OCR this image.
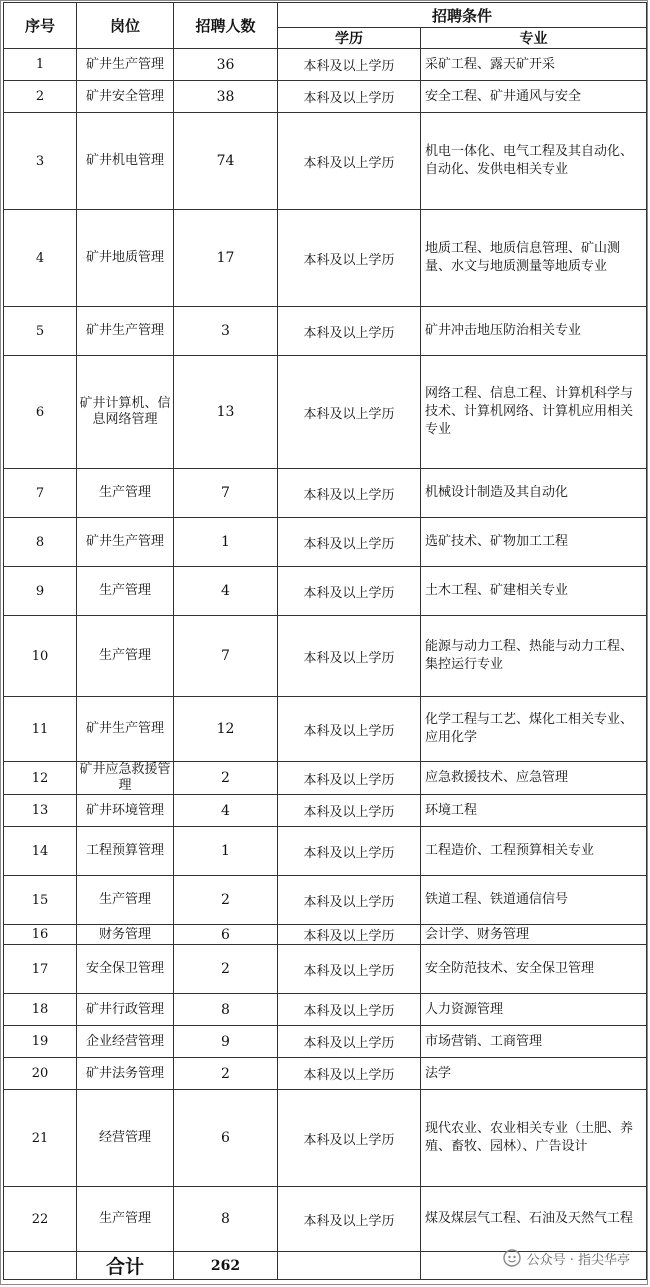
序号	岗位	招聘人数	招聘条件	
			学历	专业
1	矿井生产管理	36	本科及以上学历	采矿工程、露天矿开采
2	矿井安全管理	38	本科及以上学历	安全工程、矿井通风与安全
3	矿井机电管理	74	本科及以上学历	机电一体化、电气工程及其自动化、自动化、发供电相关专业
4	矿井地质管理	17	本科及以上学历	地质工程、地质信息管理、矿山测量、水文与地质测量等地质专业
5	矿井生产管理	3	本科及以上学历	矿井冲击地压防治相关专业
6	矿井计算机、信息网络管理	13	本科及以上学历	网络工程、信息工程、计算机科学与技术、计算机网络、计算机应用相关专业
7	生产管理	7	本科及以上学历	机械设计制造及其自动化
8	矿井生产管理	1	本科及以上学历	选矿技术、矿物加工工程
9	生产管理	4	本科及以上学历	土木工程、矿建相关专业
10	生产管理	7	本科及以上学历	能源与动力工程、热能与动力工程、集控运行专业
11	矿井生产管理	12	本科及以上学历	化学工程与工艺、煤化工相关专业、应用化学
12	矿井应急救援管理	2	本科及以上学历	应急救援技术、应急管理
13	矿井环境管理	4	本科及以上学历	环境工程
14	工程预算管理	1	本科及以上学历	工程造价、工程预算相关专业
15	生产管理	2	本科及以上学历	铁道工程、铁道通信信号
16	财务管理	6	本科及以上学历	会计学、财务管理
17	安全保卫管理	2	本科及以上学历	安全防范技术、安全保卫管理
18	矿井行政管理	8	本科及以上学历	人力资源管理
19	企业经营管理	9	本科及以上学历	市场营销、工商管理
20	矿井法务管理	2	本科及以上学历	法学
21	经营管理	6	本科及以上学历	现代农业、农业相关专业（土肥、养殖、畜牧、园林）、广告设计
22	生产管理	8	本科及以上学历	煤及煤层气工程、石油及天然气工程
	合计	262			公众号 · 指尖华亭
